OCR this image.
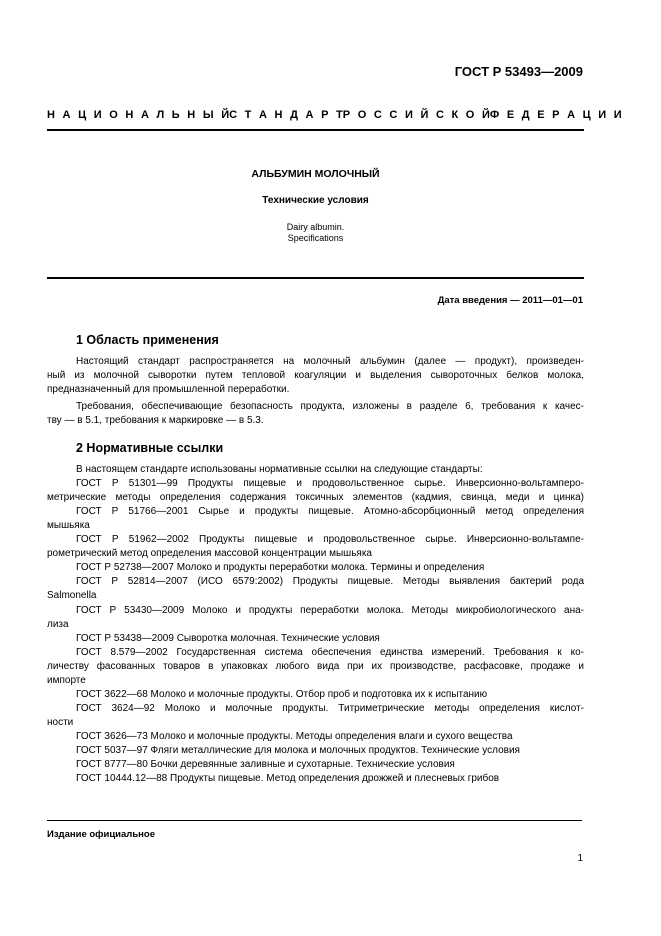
ГОСТ Р 53493—2009
Н А Ц И О Н А Л Ь Н Ы Й С Т А Н Д А Р Т Р О С С И Й С К О Й Ф Е Д Е Р А Ц И И
АЛЬБУМИН МОЛОЧНЫЙ
Технические условия
Dairy albumin.
Specifications
Дата введения — 2011—01—01
1 Область применения
Настоящий стандарт распространяется на молочный альбумин (далее — продукт), произведен-
ный из молочной сыворотки путем тепловой коагуляции и выделения сывороточных белков молока,
предназначенный для промышленной переработки.
Требования, обеспечивающие безопасность продукта, изложены в разделе 6, требования к качес-
тву — в 5.1, требования к маркировке — в 5.3.
2 Нормативные ссылки
В настоящем стандарте использованы нормативные ссылки на следующие стандарты:
ГОСТ Р 51301—99 Продукты пищевые и продовольственное сырье. Инверсионно-вольтамперо-
метрические методы определения содержания токсичных элементов (кадмия, свинца, меди и цинка)
ГОСТ Р 51766—2001 Сырье и продукты пищевые. Атомно-абсорбционный метод определения
мышьяка
ГОСТ Р 51962—2002 Продукты пищевые и продовольственное сырье. Инверсионно-вольтампе-
рометрический метод определения массовой концентрации мышьяка
ГОСТ Р 52738—2007 Молоко и продукты переработки молока. Термины и определения
ГОСТ Р 52814—2007 (ИСО 6579:2002) Продукты пищевые. Методы выявления бактерий рода
Salmonella
ГОСТ Р 53430—2009 Молоко и продукты переработки молока. Методы микробиологического ана-
лиза
ГОСТ Р 53438—2009 Сыворотка молочная. Технические условия
ГОСТ 8.579—2002 Государственная система обеспечения единства измерений. Требования к ко-
личеству фасованных товаров в упаковках любого вида при их производстве, расфасовке, продаже и
импорте
ГОСТ 3622—68 Молоко и молочные продукты. Отбор проб и подготовка их к испытанию
ГОСТ 3624—92 Молоко и молочные продукты. Титриметрические методы определения кислот-
ности
ГОСТ 3626—73 Молоко и молочные продукты. Методы определения влаги и сухого вещества
ГОСТ 5037—97 Фляги металлические для молока и молочных продуктов. Технические условия
ГОСТ 8777—80 Бочки деревянные заливные и сухотарные. Технические условия
ГОСТ 10444.12—88 Продукты пищевые. Метод определения дрожжей и плесневых грибов
Издание официальное
1
